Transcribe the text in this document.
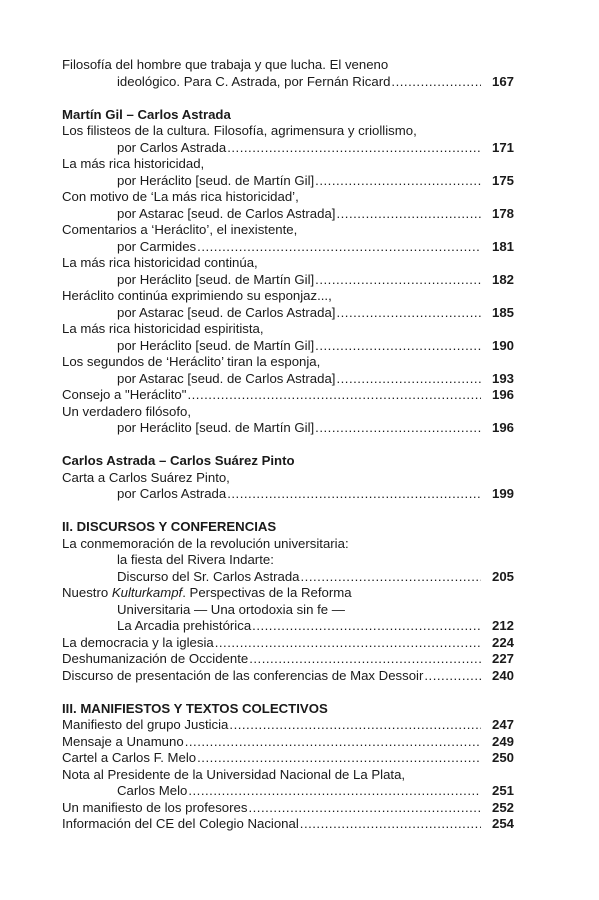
Filosofía del hombre que trabaja y que lucha. El veneno
ideológico. Para C. Astrada, por Fernán Ricard .....	167
Martín Gil – Carlos Astrada
Los filisteos de la cultura. Filosofía, agrimensura y criollismo,
por Carlos Astrada .....	171
La más rica historicidad,
por Heráclito [seud. de Martín Gil] .....	175
Con motivo de ‘La más rica historicidad’,
por Astarac [seud. de Carlos Astrada] .....	178
Comentarios a ‘Heráclito’, el inexistente,
por Carmides .....	181
La más rica historicidad continúa,
por Heráclito [seud. de Martín Gil] .....	182
Heráclito continúa exprimiendo su esponjaz...,
por Astarac [seud. de Carlos Astrada] .....	185
La más rica historicidad espiritista,
por Heráclito [seud. de Martín Gil] .....	190
Los segundos de ‘Heráclito’ tiran la esponja,
por Astarac [seud. de Carlos Astrada] .....	193
Consejo a "Heráclito" .....	196
Un verdadero filósofo,
por Heráclito [seud. de Martín Gil] .....	196
Carlos Astrada – Carlos Suárez Pinto
Carta a Carlos Suárez Pinto,
por Carlos Astrada .....	199
II. DISCURSOS Y CONFERENCIAS
La conmemoración de la revolución universitaria:
la fiesta del Rivera Indarte:
Discurso del Sr. Carlos Astrada .....	205
Nuestro Kulturkampf. Perspectivas de la Reforma
Universitaria — Una ortodoxia sin fe —
La Arcadia prehistórica .....	212
La democracia y la iglesia .....	224
Deshumanización de Occidente .....	227
Discurso de presentación de las conferencias de Max Dessoir .....	240
III. MANIFIESTOS Y TEXTOS COLECTIVOS
Manifiesto del grupo Justicia .....	247
Mensaje a Unamuno .....	249
Cartel a Carlos F. Melo .....	250
Nota al Presidente de la Universidad Nacional de La Plata,
Carlos Melo .....	251
Un manifiesto de los profesores .....	252
Información del CE del Colegio Nacional .....	254
